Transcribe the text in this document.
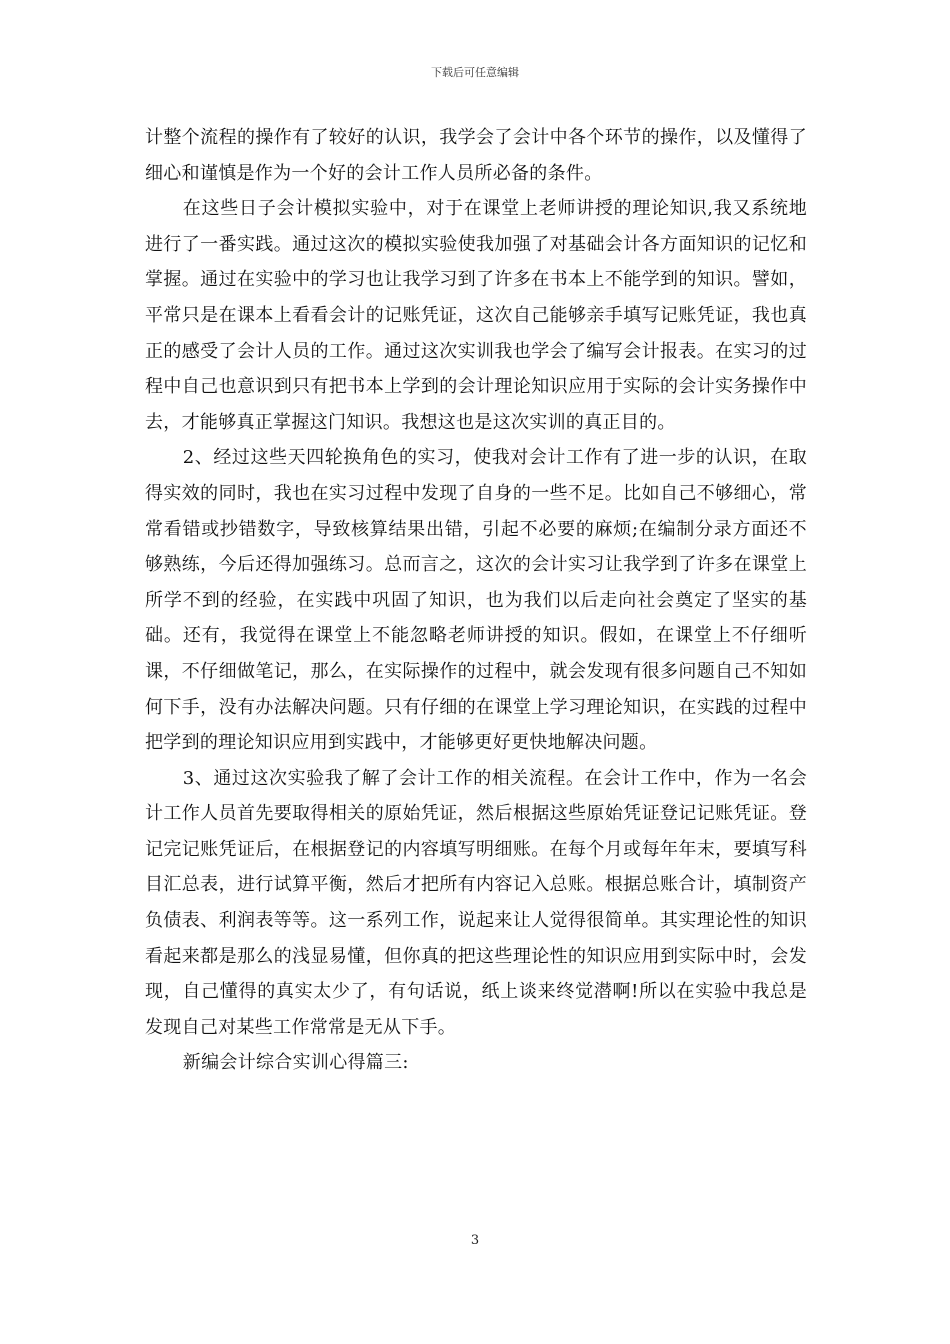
下载后可任意编辑

计整个流程的操作有了较好的认识，我学会了会计中各个环节的操作，以及懂得了细心和谨慎是作为一个好的会计工作人员所必备的条件。

在这些日子会计模拟实验中，对于在课堂上老师讲授的理论知识,我又系统地进行了一番实践。通过这次的模拟实验使我加强了对基础会计各方面知识的记忆和掌握。通过在实验中的学习也让我学习到了许多在书本上不能学到的知识。譬如，平常只是在课本上看看会计的记账凭证，这次自己能够亲手填写记账凭证，我也真正的感受了会计人员的工作。通过这次实训我也学会了编写会计报表。在实习的过程中自己也意识到只有把书本上学到的会计理论知识应用于实际的会计实务操作中去，才能够真正掌握这门知识。我想这也是这次实训的真正目的。

2、经过这些天四轮换角色的实习，使我对会计工作有了进一步的认识，在取得实效的同时，我也在实习过程中发现了自身的一些不足。比如自己不够细心，常常看错或抄错数字，导致核算结果出错，引起不必要的麻烦;在编制分录方面还不够熟练，今后还得加强练习。总而言之，这次的会计实习让我学到了许多在课堂上所学不到的经验，在实践中巩固了知识，也为我们以后走向社会奠定了坚实的基础。还有，我觉得在课堂上不能忽略老师讲授的知识。假如，在课堂上不仔细听课，不仔细做笔记，那么，在实际操作的过程中，就会发现有很多问题自己不知如何下手，没有办法解决问题。只有仔细的在课堂上学习理论知识，在实践的过程中把学到的理论知识应用到实践中，才能够更好更快地解决问题。

3、通过这次实验我了解了会计工作的相关流程。在会计工作中，作为一名会计工作人员首先要取得相关的原始凭证，然后根据这些原始凭证登记记账凭证。登记完记账凭证后，在根据登记的内容填写明细账。在每个月或每年年末，要填写科目汇总表，进行试算平衡，然后才把所有内容记入总账。根据总账合计，填制资产负债表、利润表等等。这一系列工作，说起来让人觉得很简单。其实理论性的知识看起来都是那么的浅显易懂，但你真的把这些理论性的知识应用到实际中时，会发现，自己懂得的真实太少了，有句话说，纸上谈来终觉潜啊!所以在实验中我总是发现自己对某些工作常常是无从下手。

新编会计综合实训心得篇三:

3
